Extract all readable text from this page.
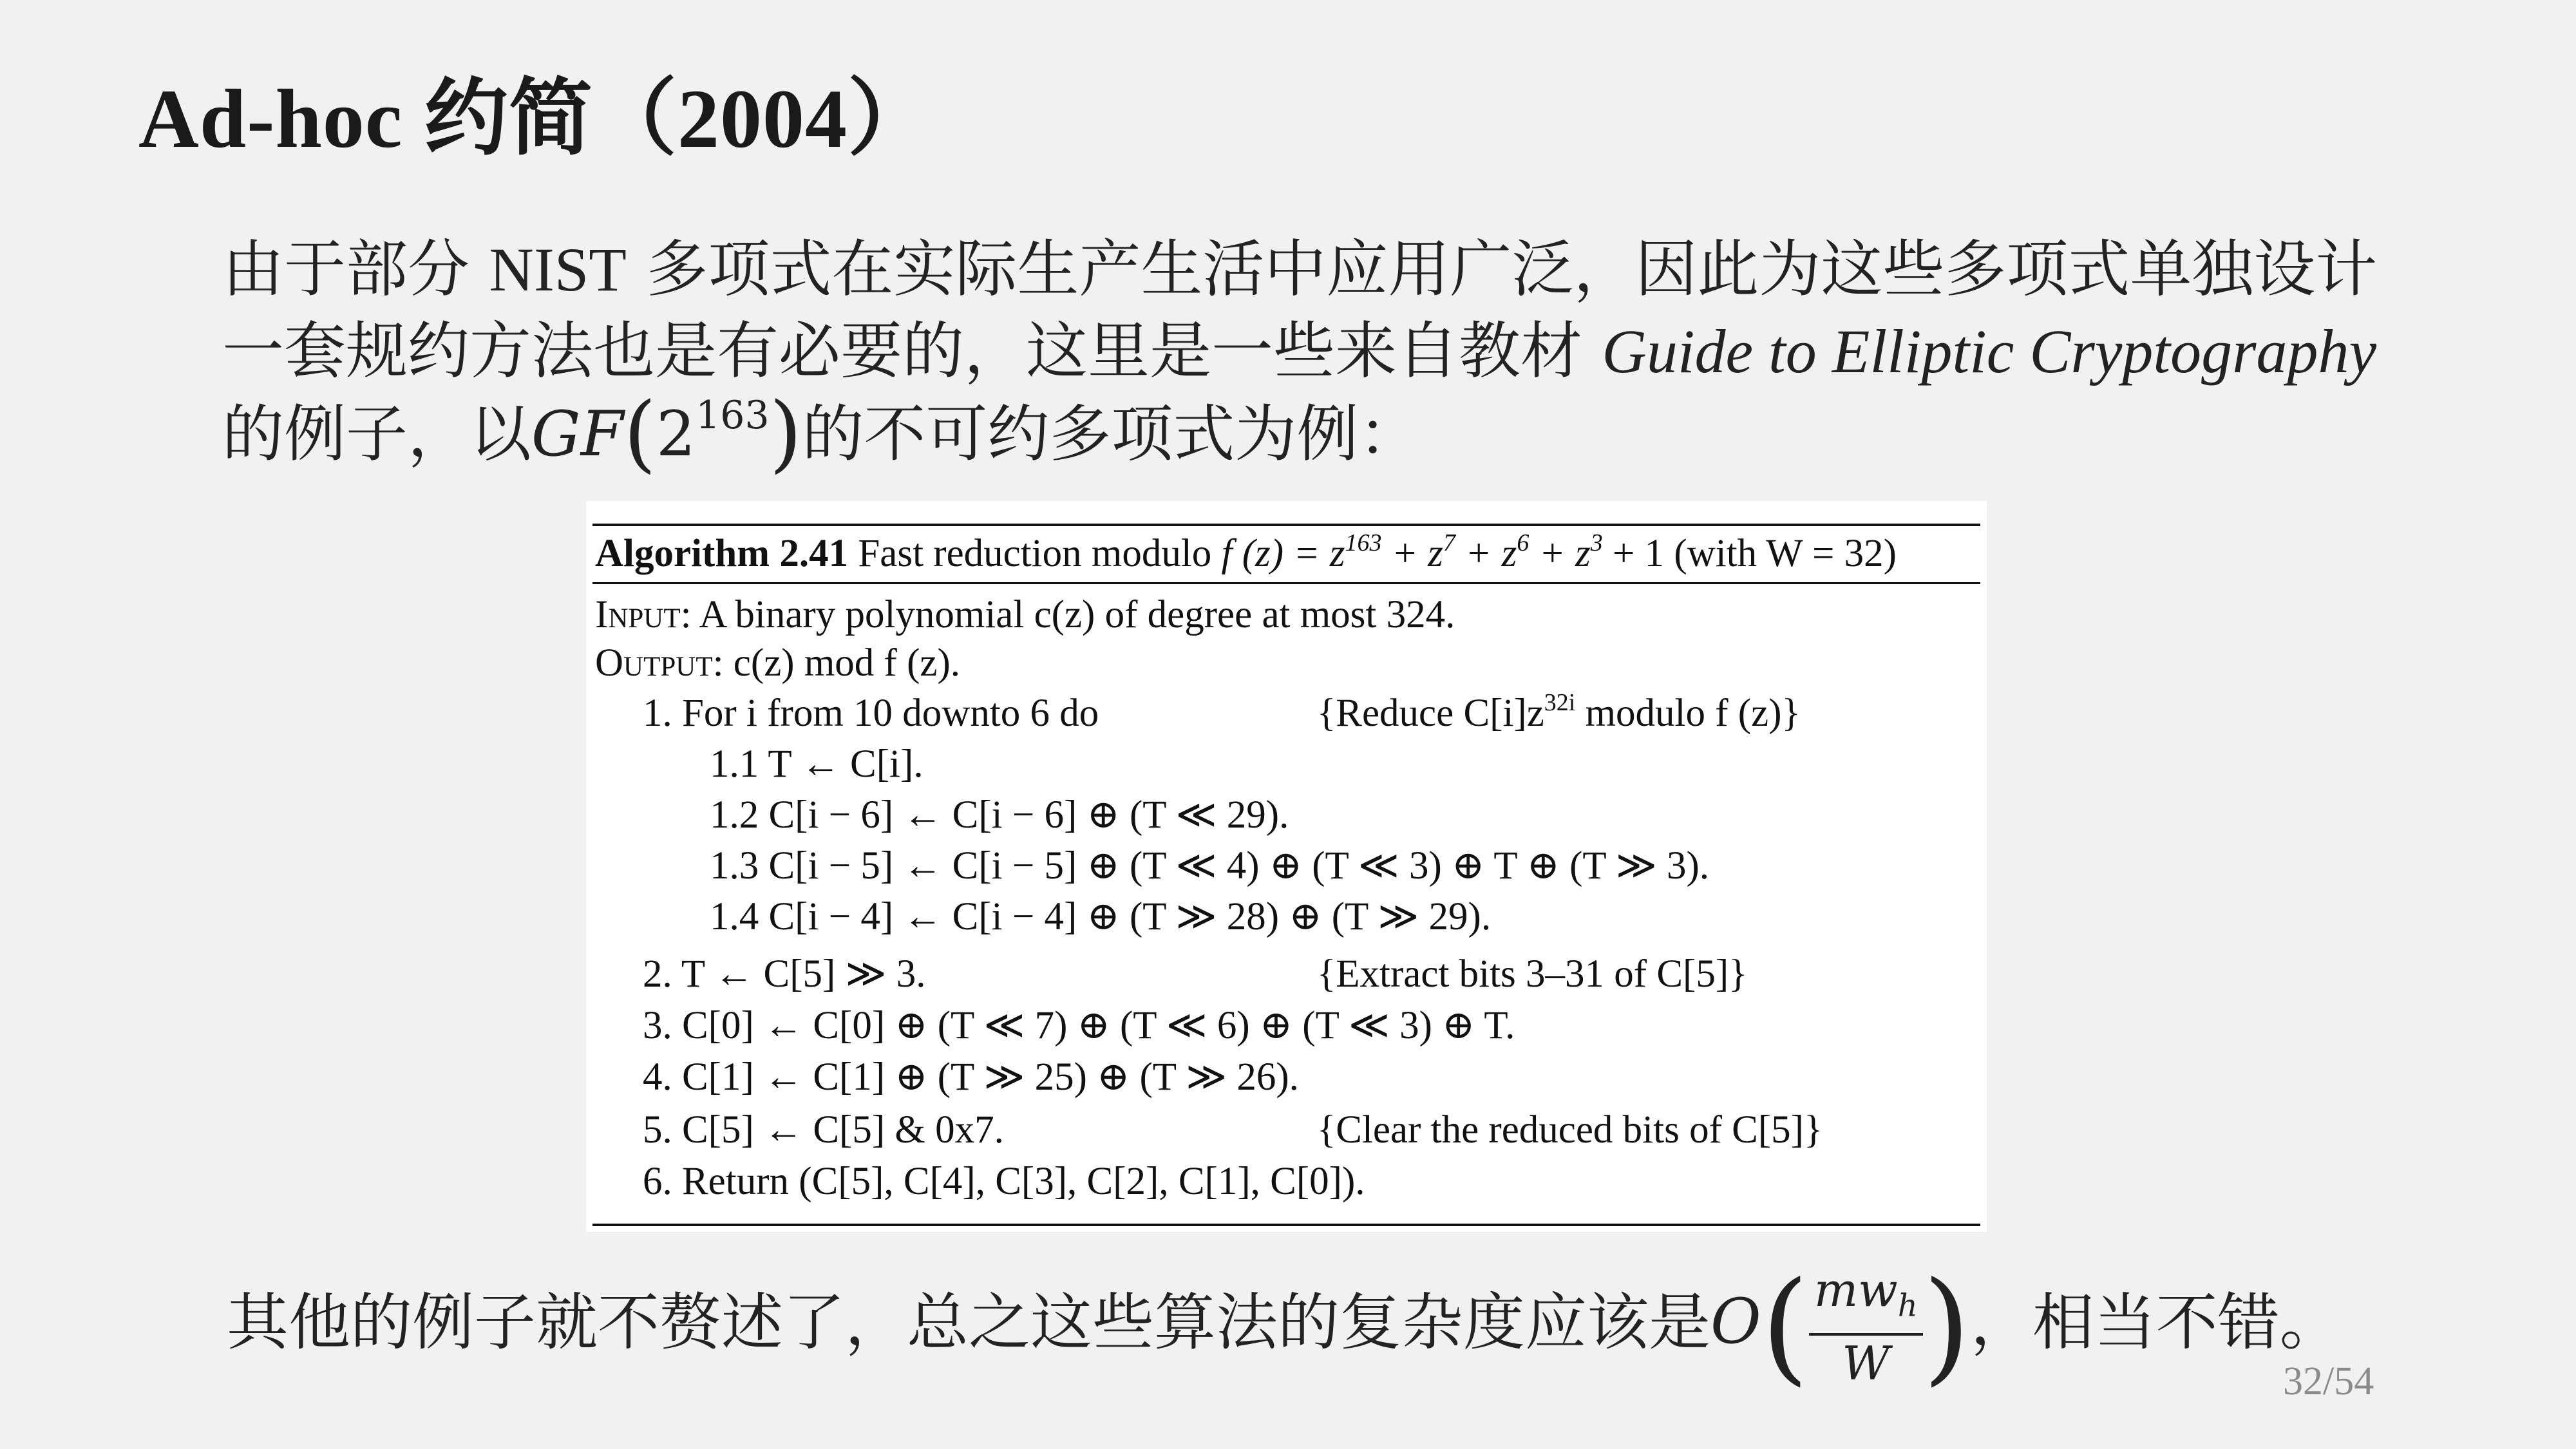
Ad-hoc 约简（2004）
由于部分 NIST 多项式在实际生产生活中应用广泛，因此为这些多项式单独设计一套规约方法也是有必要的，这里是一些来自教材 Guide to Elliptic Cryptography 的例子，以$GF(2^{163})$的不可约多项式为例：
Algorithm 2.41 Fast reduction modulo f $(z) = z^{163} + z^7 + z^6 + z^3 + 1$ (with W = 32)
Input: A binary polynomial c(z) of degree at most 324.
Output: c(z) mod f (z).
1. For i from 10 downto 6 do	{Reduce $C[i]z^{32i}$ modulo f (z)}
1.1 T ← C[i].
1.2 C[i − 6] ← C[i − 6] ⊕ (T ≪ 29).
1.3 C[i − 5] ← C[i − 5] ⊕ (T ≪ 4) ⊕ (T ≪ 3) ⊕ T ⊕ (T ≫ 3).
1.4 C[i − 4] ← C[i − 4] ⊕ (T ≫ 28) ⊕ (T ≫ 29).
2. T ← C[5] ≫ 3.	{Extract bits 3–31 of C[5]}
3. C[0] ← C[0] ⊕ (T ≪ 7) ⊕ (T ≪ 6) ⊕ (T ≪ 3) ⊕ T.
4. C[1] ← C[1] ⊕ (T ≫ 25) ⊕ (T ≫ 26).
5. C[5] ← C[5] & 0x7.	{Clear the reduced bits of C[5]}
6. Return (C[5], C[4], C[3], C[2], C[1], C[0]).
其他的例子就不赘述了，总之这些算法的复杂度应该是$O( \frac{mw_h}{W}$ )，相当不错。
32/54
